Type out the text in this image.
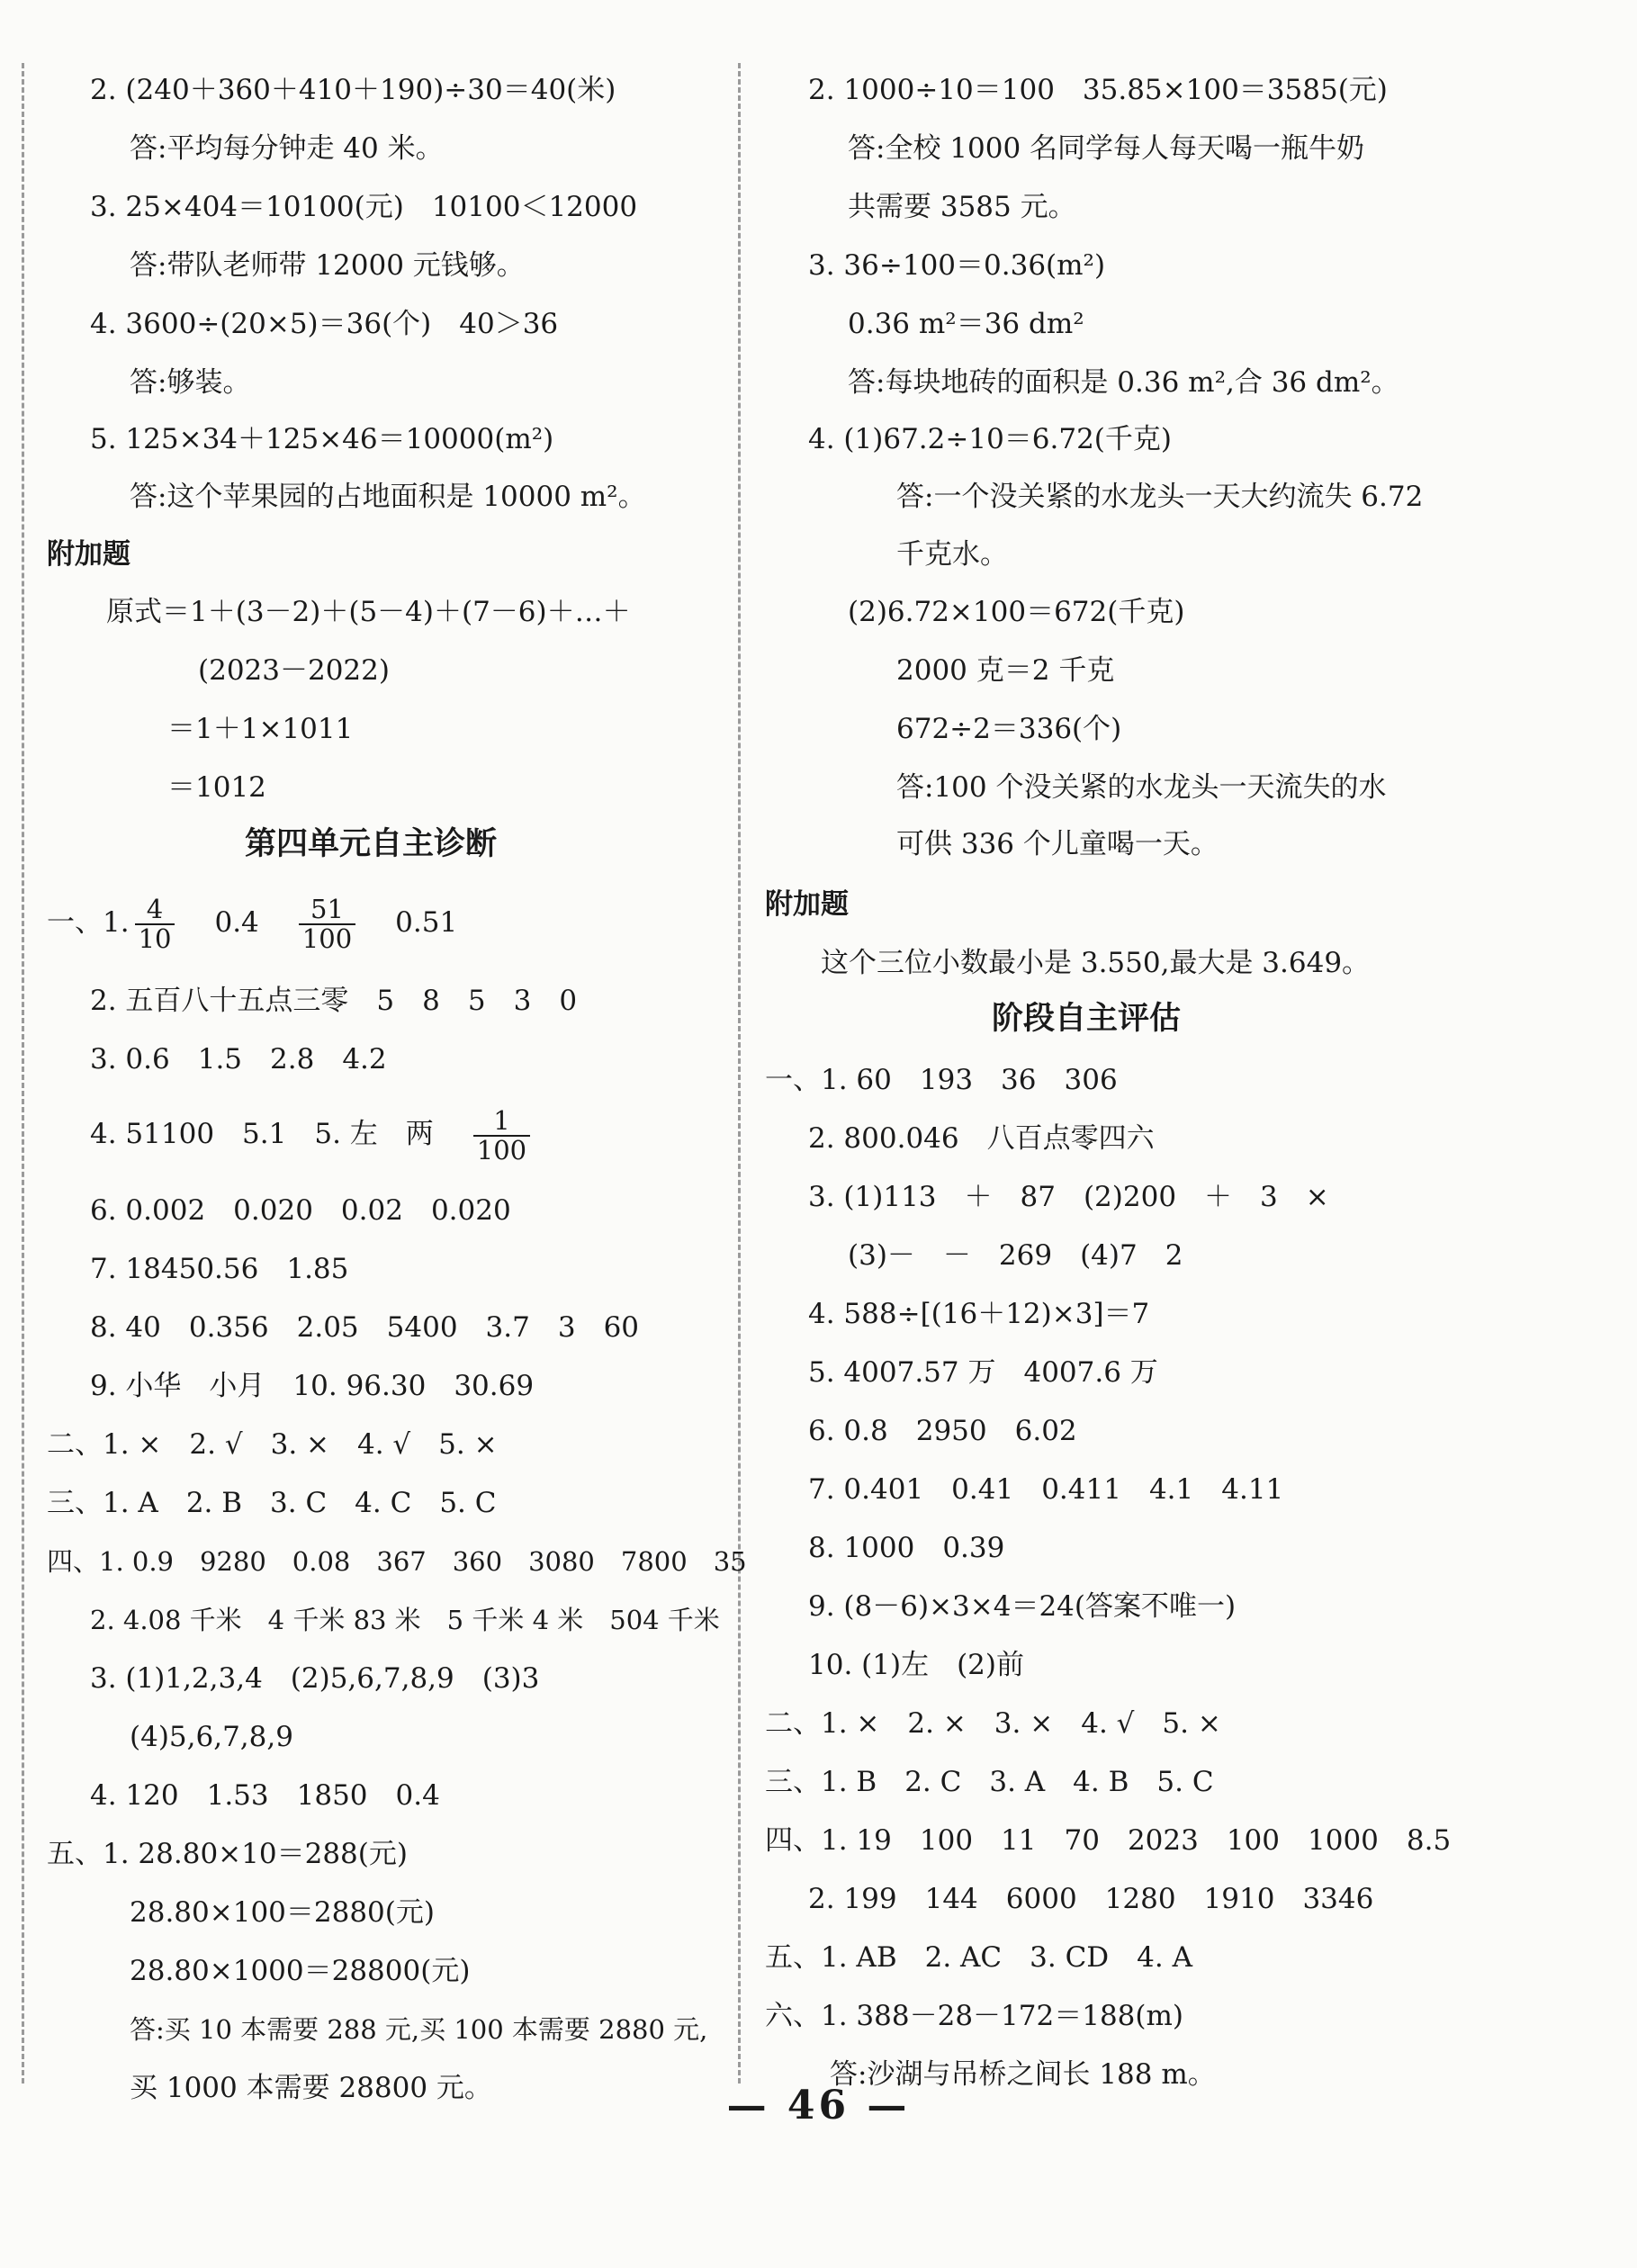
2. (240＋360＋410＋190)÷30＝40(米)
答:平均每分钟走 40 米。
3. 25×404＝10100(元)　10100＜12000
答:带队老师带 12000 元钱够。
4. 3600÷(20×5)＝36(个)　40＞36
答:够装。
5. 125×34＋125×46＝10000(m²)
答:这个苹果园的占地面积是 10000 m²。
附加题
原式＝1＋(3－2)＋(5－4)＋(7－6)＋…＋
(2023－2022)
＝1＋1×1011
＝1012
第四单元自主诊断
一、1. $\frac{4}{10} 0.4 \frac{51}{100} 0.51$
2. 五百八十五点三零　5　8　5　3　0
3. 0.6　1.5　2.8　4.2
4. 51100　5.1　5. 左　两 $\frac{1}{100}$
6. 0.002　0.020　0.02　0.020
7. 18450.56　1.85
8. 40　0.356　2.05　5400　3.7　3　60
9. 小华　小月　10. 96.30　30.69
二、1. ×　2. √　3. ×　4. √　5. ×
三、1. A　2. B　3. C　4. C　5. C
四、1. 0.9　9280　0.08　367　360　3080　7800　35
2. 4.08 千米　4 千米 83 米　5 千米 4 米　504 千米
3. (1)1,2,3,4　(2)5,6,7,8,9　(3)3
(4)5,6,7,8,9
4. 120　1.53　1850　0.4
五、1. 28.80×10＝288(元)
28.80×100＝2880(元)
28.80×1000＝28800(元)
答:买 10 本需要 288 元,买 100 本需要 2880 元,
买 1000 本需要 28800 元。
2. 1000÷10＝100　35.85×100＝3585(元)
答:全校 1000 名同学每人每天喝一瓶牛奶
共需要 3585 元。
3. 36÷100＝0.36(m²)
0.36 m²＝36 dm²
答:每块地砖的面积是 0.36 m²,合 36 dm²。
4. (1)67.2÷10＝6.72(千克)
答:一个没关紧的水龙头一天大约流失 6.72
千克水。
(2)6.72×100＝672(千克)
2000 克＝2 千克
672÷2＝336(个)
答:100 个没关紧的水龙头一天流失的水
可供 336 个儿童喝一天。
附加题
这个三位小数最小是 3.550,最大是 3.649。
阶段自主评估
一、1. 60　193　36　306
2. 800.046　八百点零四六
3. (1)113　＋　87　(2)200　＋　3　×
(3)－　－　269　(4)7　2
4. 588÷[(16＋12)×3]＝7
5. 4007.57 万　4007.6 万
6. 0.8　2950　6.02
7. 0.401　0.41　0.411　4.1　4.11
8. 1000　0.39
9. (8－6)×3×4＝24(答案不唯一)
10. (1)左　(2)前
二、1. ×　2. ×　3. ×　4. √　5. ×
三、1. B　2. C　3. A　4. B　5. C
四、1. 19　100　11　70　2023　100　1000　8.5
2. 199　144　6000　1280　1910　3346
五、1. AB　2. AC　3. CD　4. A
六、1. 388－28－172＝188(m)
答:沙湖与吊桥之间长 188 m。
— 46 —
